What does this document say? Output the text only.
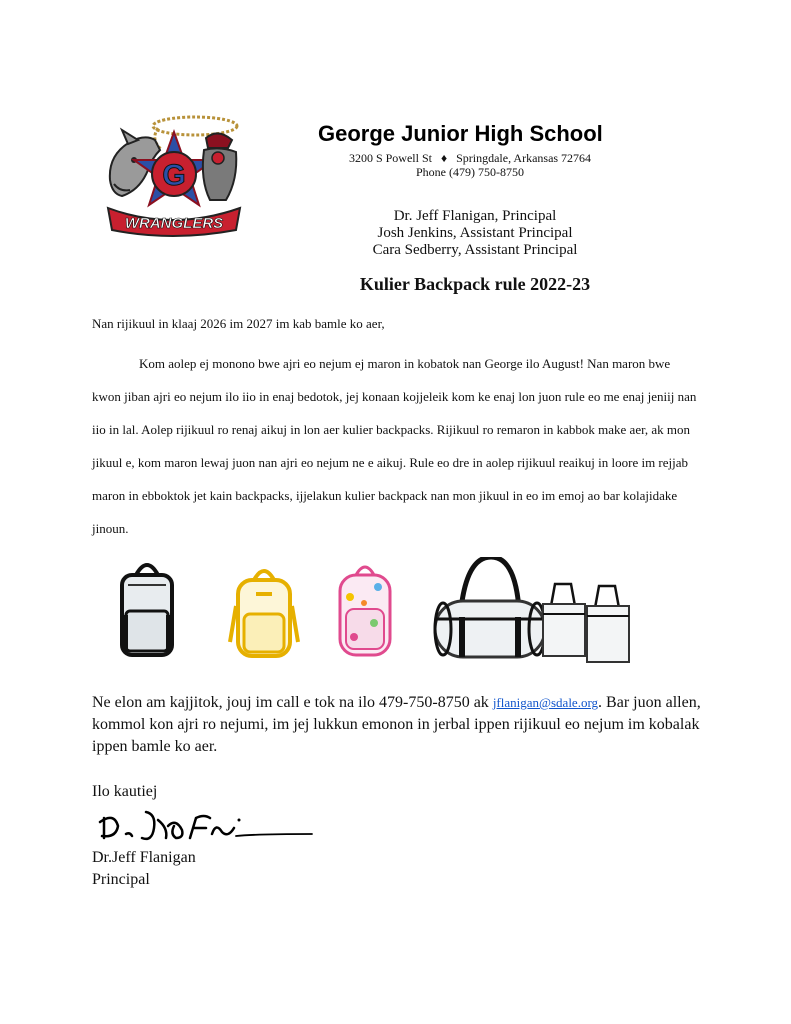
G
WRANGLERS
George Junior High School
3200 S Powell St ♦ Springdale, Arkansas 72764
Phone (479) 750-8750
Dr. Jeff Flanigan, Principal
Josh Jenkins, Assistant Principal
Cara Sedberry, Assistant Principal
Kulier Backpack rule 2022-23
Nan rijikuul in klaaj 2026 im 2027 im kab bamle ko aer,
Kom aolep ej monono bwe ajri eo nejum ej maron in kobatok nan George ilo August! Nan maron bwe kwon jiban ajri eo nejum ilo iio in enaj bedotok, jej konaan kojjeleik kom ke enaj lon juon rule eo me enaj jeniij nan iio in lal. Aolep rijikuul ro renaj aikuj in lon aer kulier backpacks. Rijikuul ro remaron in kabbok make aer, ak mon jikuul e, kom maron lewaj juon nan ajri eo nejum ne e aikuj. Rule eo dre in aolep rijikuul reaikuj in loore im rejjab maron in ebboktok jet kain backpacks, ijjelakun kulier backpack nan mon jikuul in eo im emoj ao bar kolajidake jinoun.
Ne elon am kajjitok, jouj im call e tok na ilo 479-750-8750 ak jflanigan@sdale.org. Bar juon allen, kommol kon ajri ro nejumi, im jej lukkun emonon in jerbal ippen rijikuul eo nejum im kobalak ippen bamle ko aer.
Ilo kautiej
Dr.Jeff Flanigan
Principal
